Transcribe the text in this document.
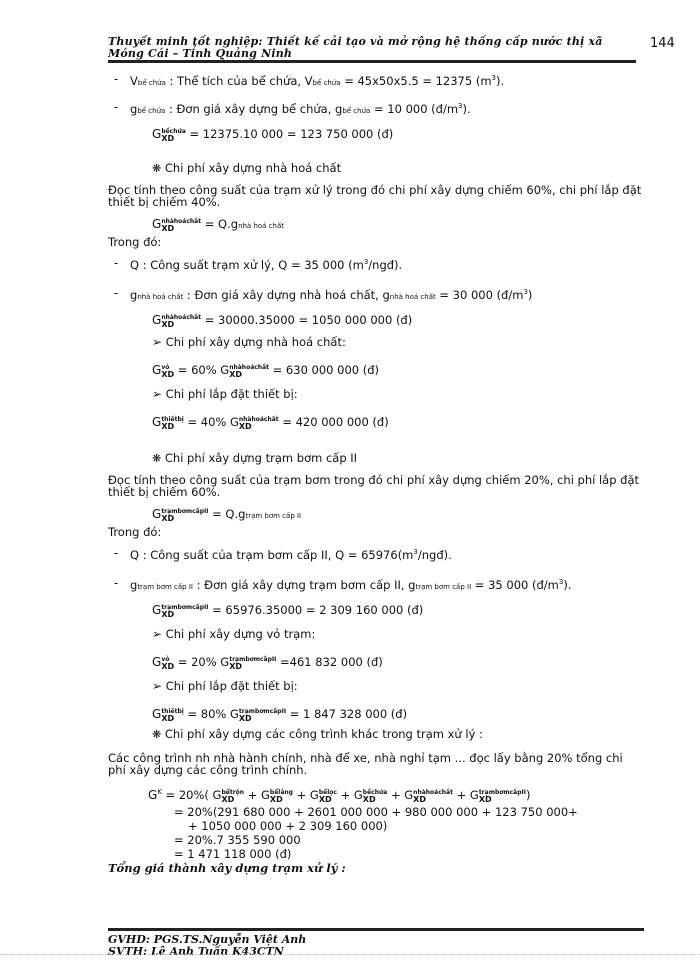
Thuyết minh tốt nghiệp: Thiết kế cải tạo và mở rộng hệ thống cấp nước thị xã
Móng Cái – Tỉnh Quảng Ninh
144
- Vbể chứa : Thể tích của bể chứa, Vbể chứa = 45x50x5.5 = 12375 $(m^3)$.
- gbể chứa : Đơn giá xây dựng bể chứa, gbể chứa = 10 000 $(đ/m^3)$.
G bểchứa
XD	= 12375.10 000 = 123 750 000 (đ)
❋ Chi phí xây dựng nhà hoá chất
Đọc tính theo công suất của trạm xử lý trong đó chi phí xây dựng chiếm 60%, chi phí lắp đặt thiết bị chiếm 40%.
G nhàhoáchất
XD	= Q.gnhà hoá chất
Trong đó:
- Q : Công suất trạm xử lý, Q = 35 000 $(m^3/ngđ)$.
- gnhà hoá chất : Đơn giá xây dựng nhà hoá chất, gnhà hoá chất = 30 000 $(đ/m^3)$
G nhàhoáchất
XD	= 30000.35000 = 1050 000 000 (đ)
➢ Chi phí xây dựng nhà hoá chất:
G vỏ
XD = 60% G nhàhoáchất
XD	= 630 000 000 (đ)
➢ Chi phí lắp đặt thiết bị:
G thiếtbị
XD = 40% G nhàhoáchất
XD	= 420 000 000 (đ)
❋ Chi phí xây dựng trạm bơm cấp II
Đọc tính theo công suất của trạm bơm trong đó chi phí xây dựng chiếm 20%, chi phí lắp đặt thiết bị chiếm 60%.
G trạmbơmcấpII
XD	= Q.gtrạm bơm cấp II
Trong đó:
- Q : Công suất của trạm bơm cấp II, $Q = 65976(m^3/ngđ)$.
- gtrạm bơm cấp II : Đơn giá xây dựng trạm bơm cấp II, gtrạm bơm cấp II = 35 000 $(đ/m^3)$.
G trạmbơmcấpII
XD	= 65976.35000 = 2 309 160 000 (đ)
➢ Chi phí xây dựng vỏ trạm:
G vỏ
XD = 20% G trạmbơmcấpII
XD	=461 832 000 (đ)
➢ Chi phí lắp đặt thiết bị:
G thiếtbị
XD = 80% G trạmbơmcấpII
XD	= 1 847 328 000 (đ)
❋ Chi phí xây dựng các công trình khác trong trạm xử lý :
Các công trình nh nhà hành chính, nhà để xe, nhà nghỉ tạm ... đọc lấy bằng 20% tổng chi phí xây dựng các công trình chính.
$G^K = 20\%$( G bểtrộn
XD + G bểlắng
XD + G bểlọc
XD + G bểchứa
XD	+ G nhàhoáchất
XD	+ G trạmbơmcấpII
XD	)
= 20%(291 680 000 + 2601 000 000 + 980 000 000 + 123 750 000+
+ 1050 000 000 + 2 309 160 000)
= 20%.7 355 590 000
= 1 471 118 000 (đ)
Tổng giá thành xây dựng trạm xử lý :
GVHD: PGS.TS.Nguyễn Việt Anh
SVTH: Lê Anh Tuấn K43CTN
